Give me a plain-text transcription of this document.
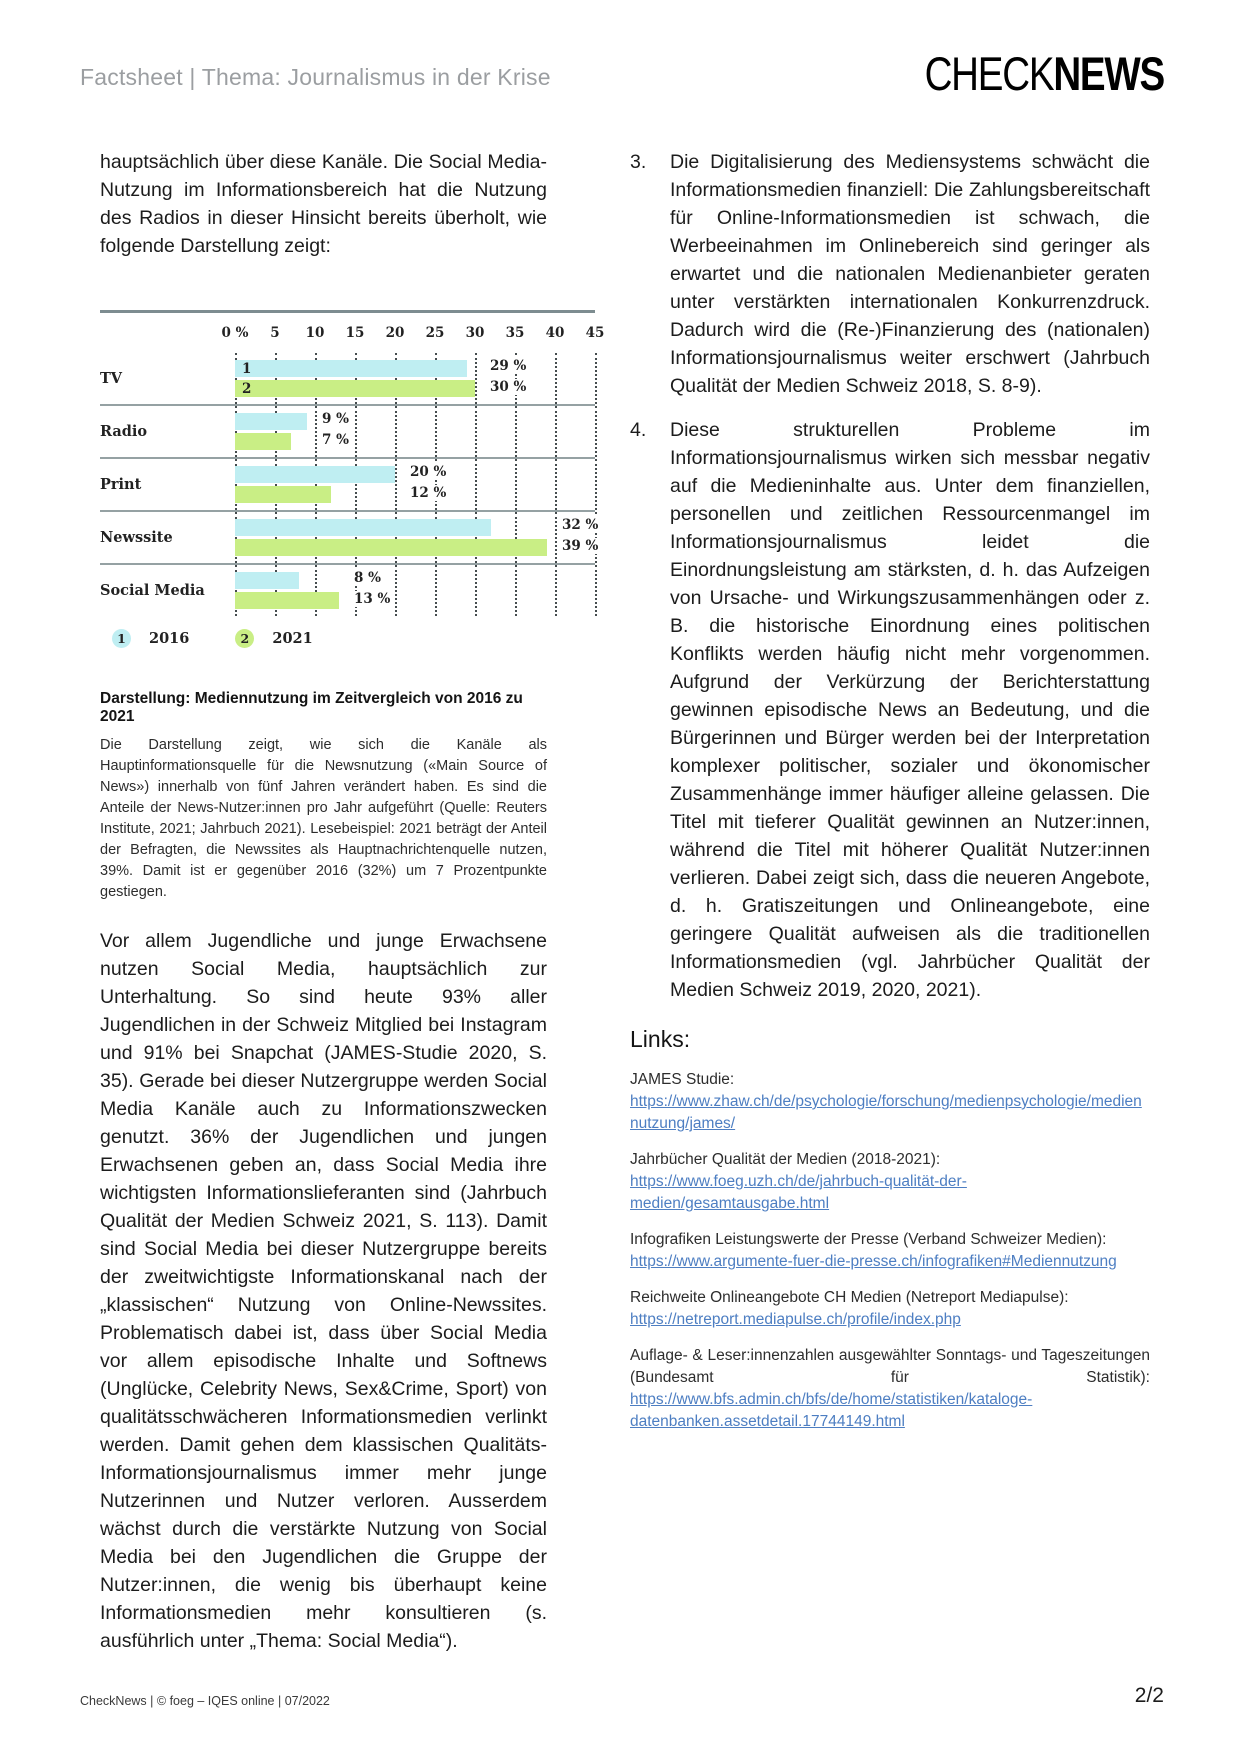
Factsheet | Thema: Journalismus in der Krise	CHECKNEWS

hauptsächlich über diese Kanäle. Die Social Media-Nutzung im Informationsbereich hat die Nutzung des Radios in dieser Hinsicht bereits überholt, wie folgende Darstellung zeigt:

0 % 5 10 15 20 25 30 35 40 45
TV
1	29 %
2	30 %
Radio
9 %
7 %
Print
20 %
12 %
Newssite
32 %
39 %
Social Media
8 %
13 %
1	2016	2	2021
Darstellung: Mediennutzung im Zeitvergleich von 2016 zu 2021
Die Darstellung zeigt, wie sich die Kanäle als Hauptinformationsquelle für die Newsnutzung («Main Source of News») innerhalb von fünf Jahren verändert haben. Es sind die Anteile der News-Nutzer:innen pro Jahr aufgeführt (Quelle: Reuters Institute, 2021; Jahrbuch 2021). Lesebeispiel: 2021 beträgt der Anteil der Befragten, die Newssites als Hauptnachrichtenquelle nutzen, 39%. Damit ist er gegenüber 2016 (32%) um 7 Prozentpunkte gestiegen.

Vor allem Jugendliche und junge Erwachsene nutzen Social Media, hauptsächlich zur Unterhaltung. So sind heute 93% aller Jugendlichen in der Schweiz Mitglied bei Instagram und 91% bei Snapchat (JAMES-Studie 2020, S. 35). Gerade bei dieser Nutzergruppe werden Social Media Kanäle auch zu Informationszwecken genutzt. 36% der Jugendlichen und jungen Erwachsenen geben an, dass Social Media ihre wichtigsten Informationslieferanten sind (Jahrbuch Qualität der Medien Schweiz 2021, S. 113). Damit sind Social Media bei dieser Nutzergruppe bereits der zweitwichtigste Informationskanal nach der „klassischen“ Nutzung von Online-Newssites. Problematisch dabei ist, dass über Social Media vor allem episodische Inhalte und Softnews (Unglücke, Celebrity News, Sex&Crime, Sport) von qualitätsschwächeren Informationsmedien verlinkt werden. Damit gehen dem klassischen Qualitäts- Informationsjournalismus immer mehr junge Nutzerinnen und Nutzer verloren. Ausserdem wächst durch die verstärkte Nutzung von Social Media bei den Jugendlichen die Gruppe der Nutzer:innen, die wenig bis überhaupt keine Informationsmedien mehr konsultieren (s. ausführlich unter „Thema: Social Media“).

3.	Die Digitalisierung des Mediensystems schwächt die Informationsmedien finanziell: Die Zahlungsbereitschaft für Online-Informationsmedien ist schwach, die Werbeeinahmen im Onlinebereich sind geringer als erwartet und die nationalen Medienanbieter geraten unter verstärkten internationalen Konkurrenzdruck. Dadurch wird die (Re-)Finanzierung des (nationalen) Informationsjournalismus weiter erschwert (Jahrbuch Qualität der Medien Schweiz 2018, S. 8-9).
4.	Diese strukturellen Probleme im Informationsjournalismus wirken sich messbar negativ auf die Medieninhalte aus. Unter dem finanziellen, personellen und zeitlichen Ressourcenmangel im Informationsjournalismus leidet die Einordnungsleistung am stärksten, d. h. das Aufzeigen von Ursache- und Wirkungszusammenhängen oder z. B. die historische Einordnung eines politischen Konflikts werden häufig nicht mehr vorgenommen. Aufgrund der Verkürzung der Berichterstattung gewinnen episodische News an Bedeutung, und die Bürgerinnen und Bürger werden bei der Interpretation komplexer politischer, sozialer und ökonomischer Zusammenhänge immer häufiger alleine gelassen. Die Titel mit tieferer Qualität gewinnen an Nutzer:innen, während die Titel mit höherer Qualität Nutzer:innen verlieren. Dabei zeigt sich, dass die neueren Angebote, d. h. Gratiszeitungen und Onlineangebote, eine geringere Qualität aufweisen als die traditionellen Informationsmedien (vgl. Jahrbücher Qualität der Medien Schweiz 2019, 2020, 2021).
Links:
JAMES Studie:
https://www.zhaw.ch/de/psychologie/forschung/medienpsychologie/mediennutzung/james/
Jahrbücher Qualität der Medien (2018-2021):
https://www.foeg.uzh.ch/de/jahrbuch-qualität-der-medien/gesamtausgabe.html
Infografiken Leistungswerte der Presse (Verband Schweizer Medien):
https://www.argumente-fuer-die-presse.ch/infografiken#Mediennutzung
Reichweite Onlineangebote CH Medien (Netreport Mediapulse):
https://netreport.mediapulse.ch/profile/index.php
Auflage- & Leser:innenzahlen ausgewählter Sonntags- und Tageszeitungen (Bundesamt für Statistik): https://www.bfs.admin.ch/bfs/de/home/statistiken/kataloge-datenbanken.assetdetail.17744149.html
CheckNews | © foeg – IQES online | 07/2022	2/2
